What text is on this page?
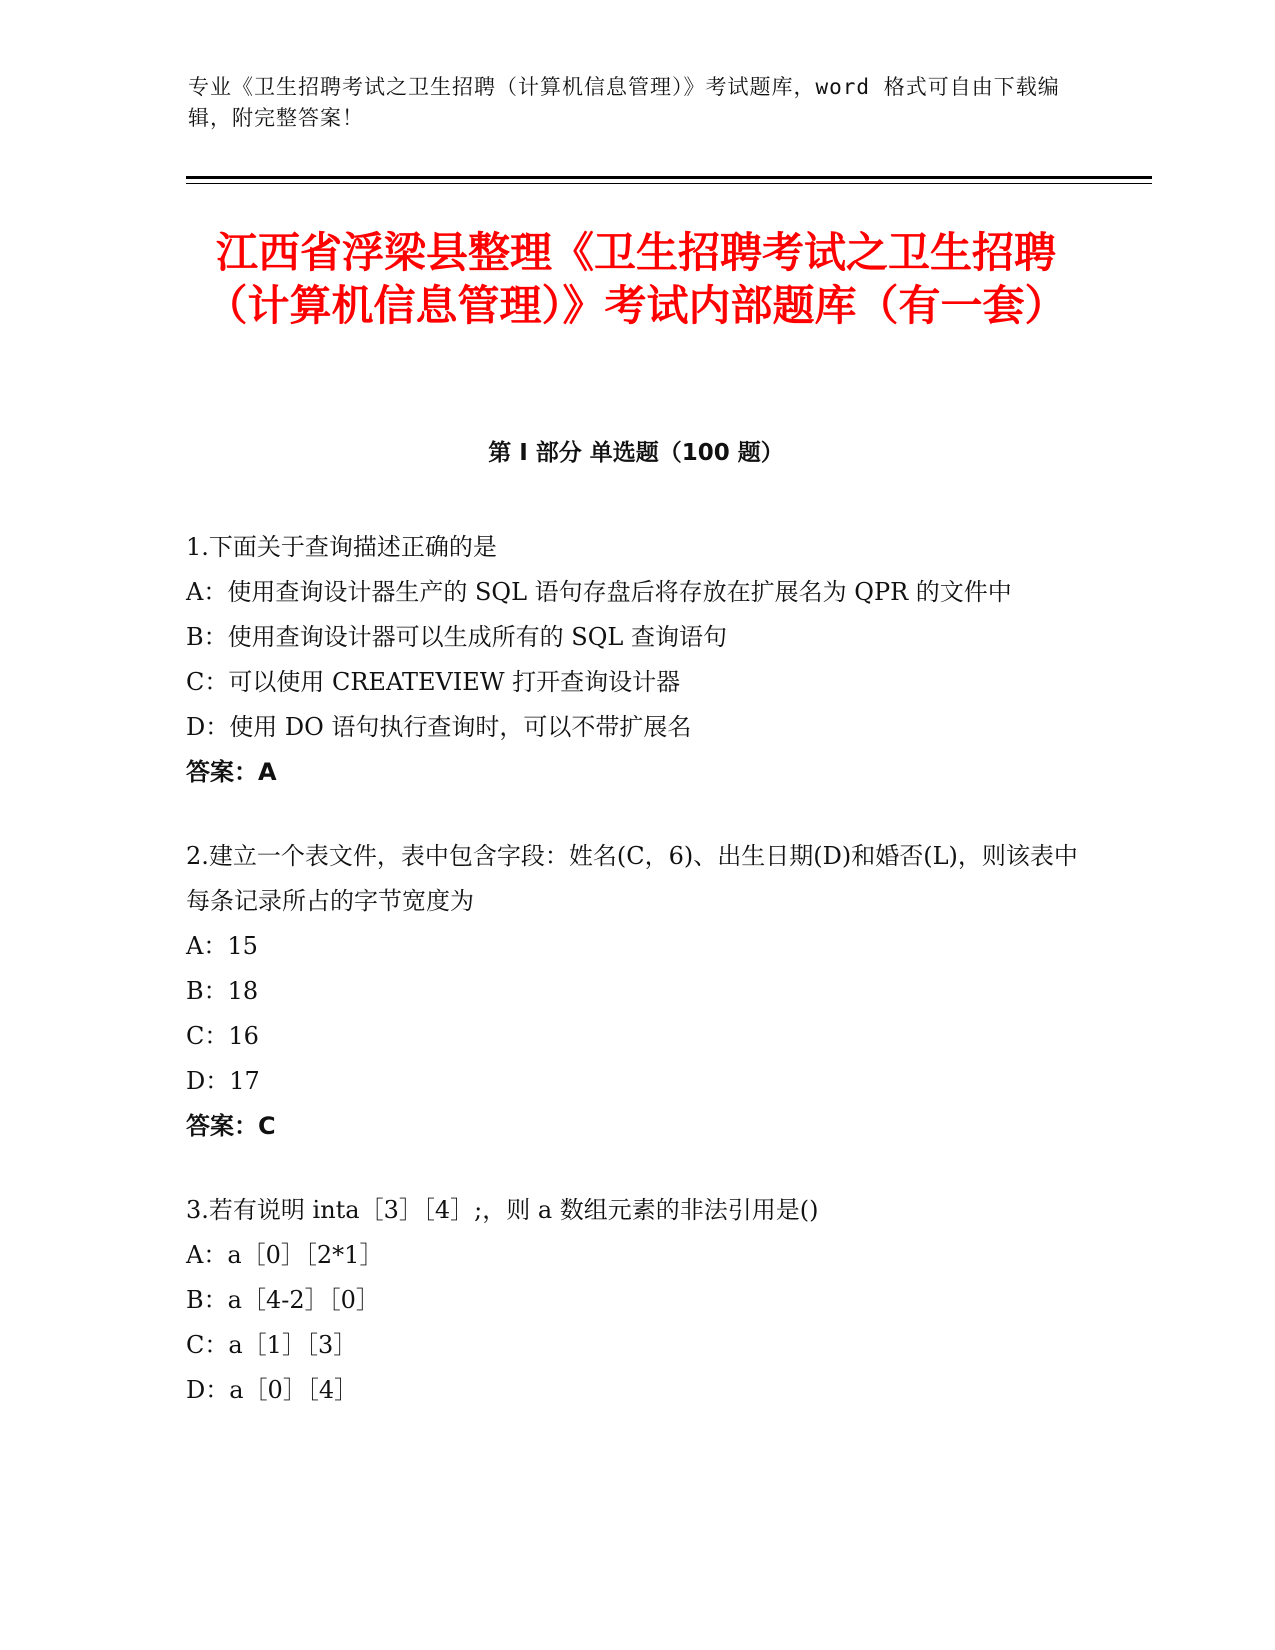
专业《卫生招聘考试之卫生招聘（计算机信息管理）》考试题库，word 格式可自由下载编辑，附完整答案！
江西省浮梁县整理《卫生招聘考试之卫生招聘（计算机信息管理）》考试内部题库（有一套）
第 I 部分 单选题（100 题）
1.下面关于查询描述正确的是
A：使用查询设计器生产的 SQL 语句存盘后将存放在扩展名为 QPR 的文件中
B：使用查询设计器可以生成所有的 SQL 查询语句
C：可以使用 CREATEVIEW 打开查询设计器
D：使用 DO 语句执行查询时，可以不带扩展名
答案：A
2.建立一个表文件，表中包含字段：姓名(C，6)、出生日期(D)和婚否(L)，则该表中每条记录所占的字节宽度为
A：15
B：18
C：16
D：17
答案：C
3.若有说明 inta［3］［4］;，则 a 数组元素的非法引用是()
A：a［0］［2*1］
B：a［4-2］［0］
C：a［1］［3］
D：a［0］［4］
